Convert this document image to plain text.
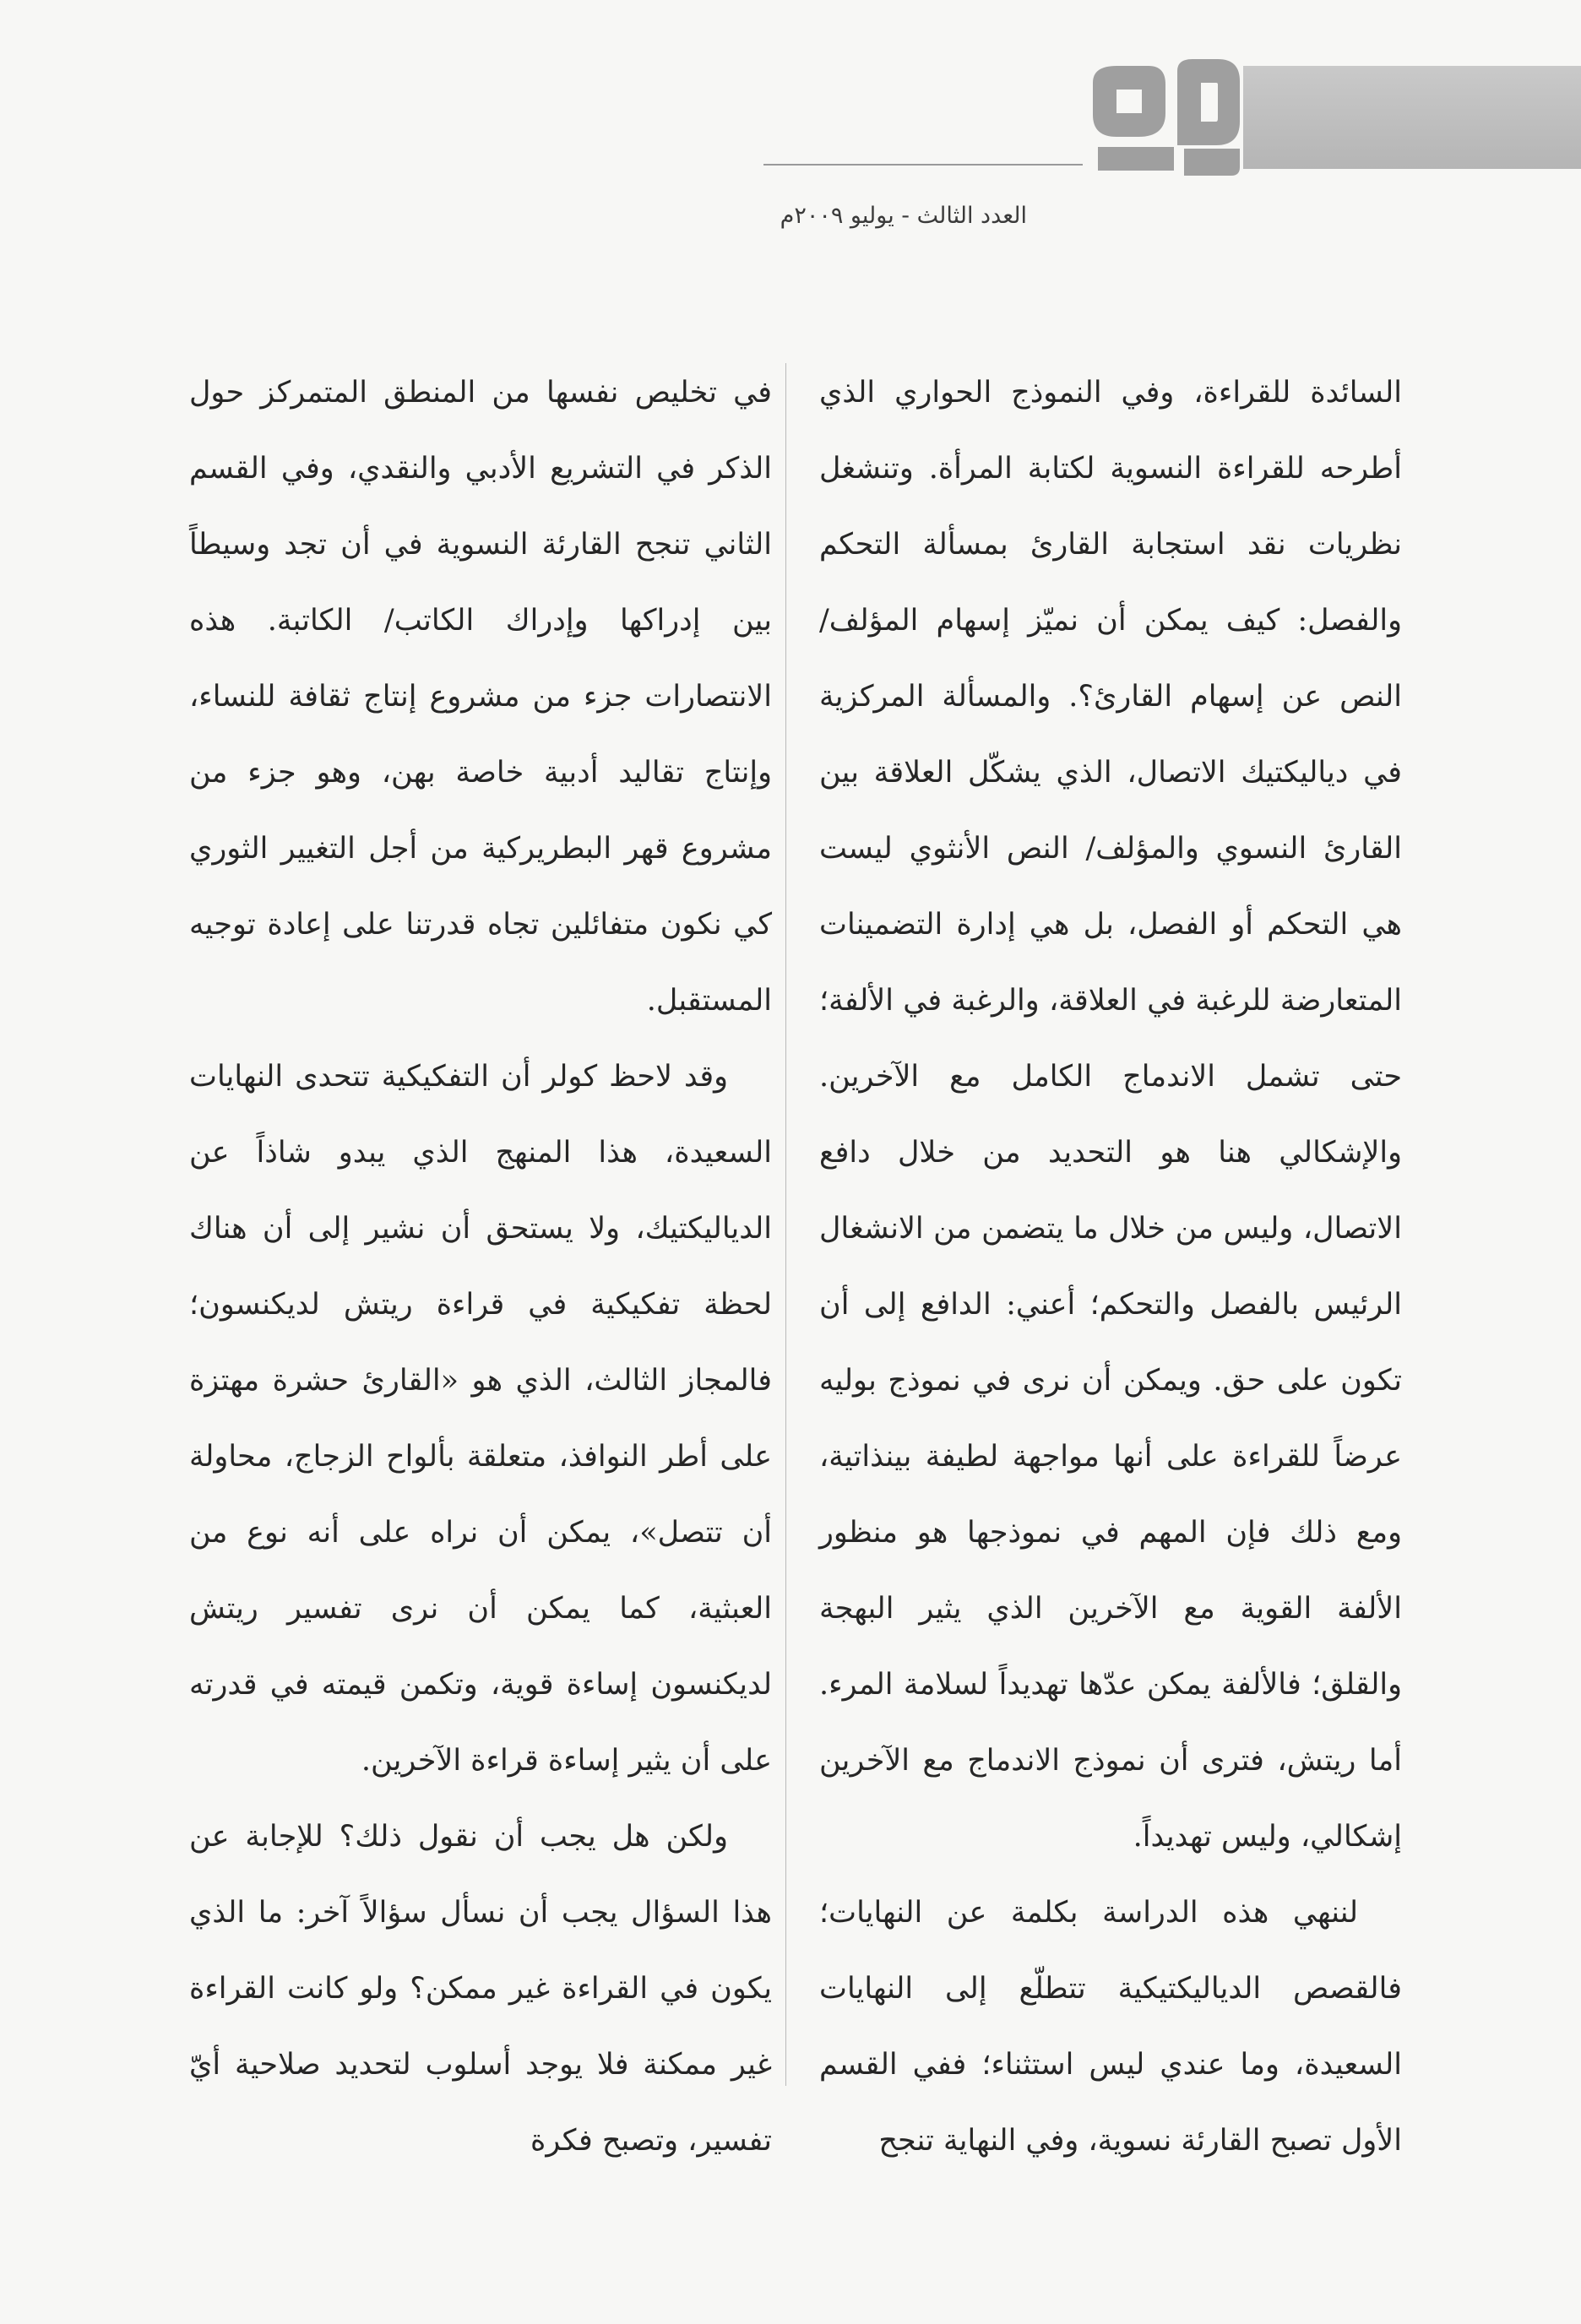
العدد الثالث - يوليو ٢٠٠٩م

السائدة للقراءة، وفي النموذج الحواري الذي أطرحه للقراءة النسوية لكتابة المرأة. وتنشغل نظريات نقد استجابة القارئ بمسألة التحكم والفصل: كيف يمكن أن نميّز إسهام المؤلف/ النص عن إسهام القارئ؟. والمسألة المركزية في دياليكتيك الاتصال، الذي يشكّل العلاقة بين القارئ النسوي والمؤلف/ النص الأنثوي ليست هي التحكم أو الفصل، بل هي إدارة التضمينات المتعارضة للرغبة في العلاقة، والرغبة في الألفة؛ حتى تشمل الاندماج الكامل مع الآخرين. والإشكالي هنا هو التحديد من خلال دافع الاتصال، وليس من خلال ما يتضمن من الانشغال الرئيس بالفصل والتحكم؛ أعني: الدافع إلى أن تكون على حق. ويمكن أن نرى في نموذج بوليه عرضاً للقراءة على أنها مواجهة لطيفة بينذاتية، ومع ذلك فإن المهم في نموذجها هو منظور الألفة القوية مع الآخرين الذي يثير البهجة والقلق؛ فالألفة يمكن عدّها تهديداً لسلامة المرء. أما ريتش، فترى أن نموذج الاندماج مع الآخرين إشكالي، وليس تهديداً.

لننهي هذه الدراسة بكلمة عن النهايات؛ فالقصص الدياليكتيكية تتطلّع إلى النهايات السعيدة، وما عندي ليس استثناء؛ ففي القسم الأول تصبح القارئة نسوية، وفي النهاية تنجح

في تخليص نفسها من المنطق المتمركز حول الذكر في التشريع الأدبي والنقدي، وفي القسم الثاني تنجح القارئة النسوية في أن تجد وسيطاً بين إدراكها وإدراك الكاتب/ الكاتبة. هذه الانتصارات جزء من مشروع إنتاج ثقافة للنساء، وإنتاج تقاليد أدبية خاصة بهن، وهو جزء من مشروع قهر البطريركية من أجل التغيير الثوري كي نكون متفائلين تجاه قدرتنا على إعادة توجيه المستقبل.

وقد لاحظ كولر أن التفكيكية تتحدى النهايات السعيدة، هذا المنهج الذي يبدو شاذاً عن الدياليكتيك، ولا يستحق أن نشير إلى أن هناك لحظة تفكيكية في قراءة ريتش لديكنسون؛ فالمجاز الثالث، الذي هو «القارئ حشرة مهتزة على أطر النوافذ، متعلقة بألواح الزجاج، محاولة أن تتصل»، يمكن أن نراه على أنه نوع من العبثية، كما يمكن أن نرى تفسير ريتش لديكنسون إساءة قوية، وتكمن قيمته في قدرته على أن يثير إساءة قراءة الآخرين.

ولكن هل يجب أن نقول ذلك؟ للإجابة عن هذا السؤال يجب أن نسأل سؤالاً آخر: ما الذي يكون في القراءة غير ممكن؟ ولو كانت القراءة غير ممكنة فلا يوجد أسلوب لتحديد صلاحية أيّ تفسير، وتصبح فكرة
